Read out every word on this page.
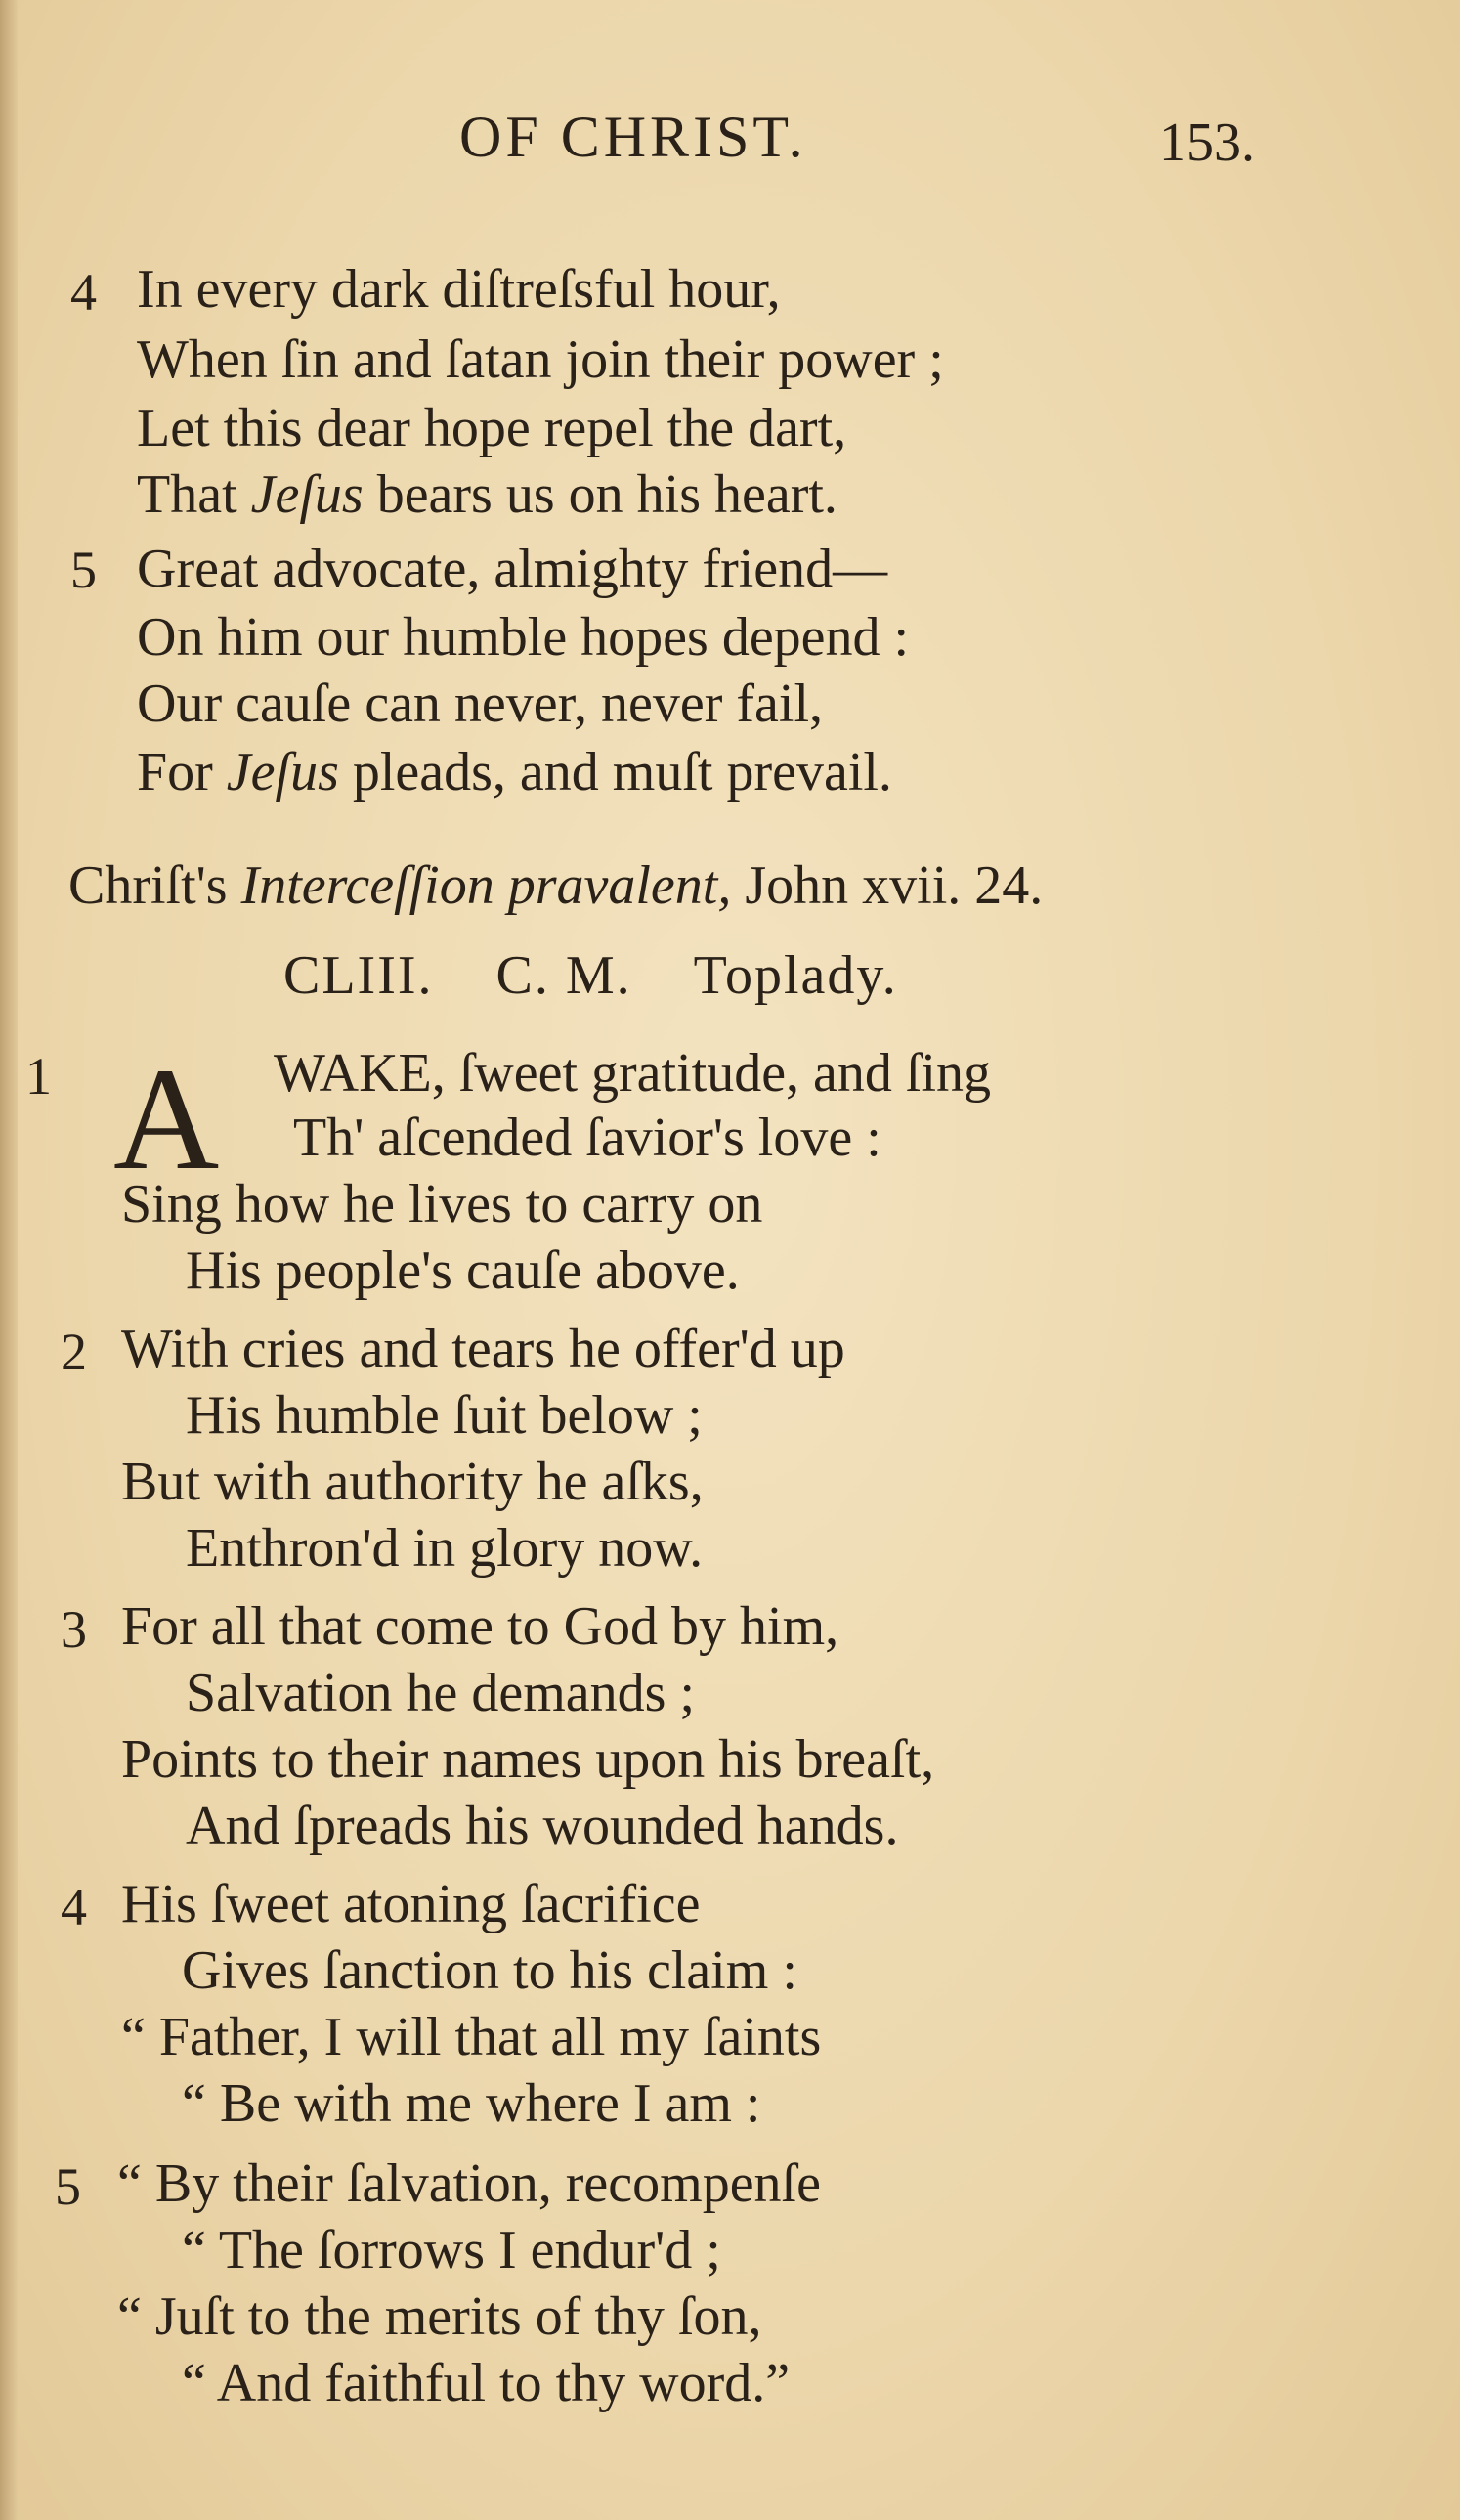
OF CHRIST.	153.
4 In every dark diſtreſsful hour,
When ſin and ſatan join their power ;
Let this dear hope repel the dart,
That Jeſus bears us on his heart.
5 Great advocate, almighty friend—
On him our humble hopes depend :
Our cauſe can never, never fail,
For Jeſus pleads, and muſt prevail.
Chriſt's Interceſſion pravalent, John xvii. 24.
CLIII. C. M. Toplady.
1 A WAKE, ſweet gratitude, and ſing
Th' aſcended ſavior's love :
Sing how he lives to carry on
His people's cauſe above.
2 With cries and tears he offer'd up
His humble ſuit below ;
But with authority he aſks,
Enthron'd in glory now.
3 For all that come to God by him,
Salvation he demands ;
Points to their names upon his breaſt,
And ſpreads his wounded hands.
4 His ſweet atoning ſacrifice
Gives ſanction to his claim :
“ Father, I will that all my ſaints
“ Be with me where I am :
5 “ By their ſalvation, recompenſe
“ The ſorrows I endur'd ;
“ Juſt to the merits of thy ſon,
“ And faithful to thy word.”
